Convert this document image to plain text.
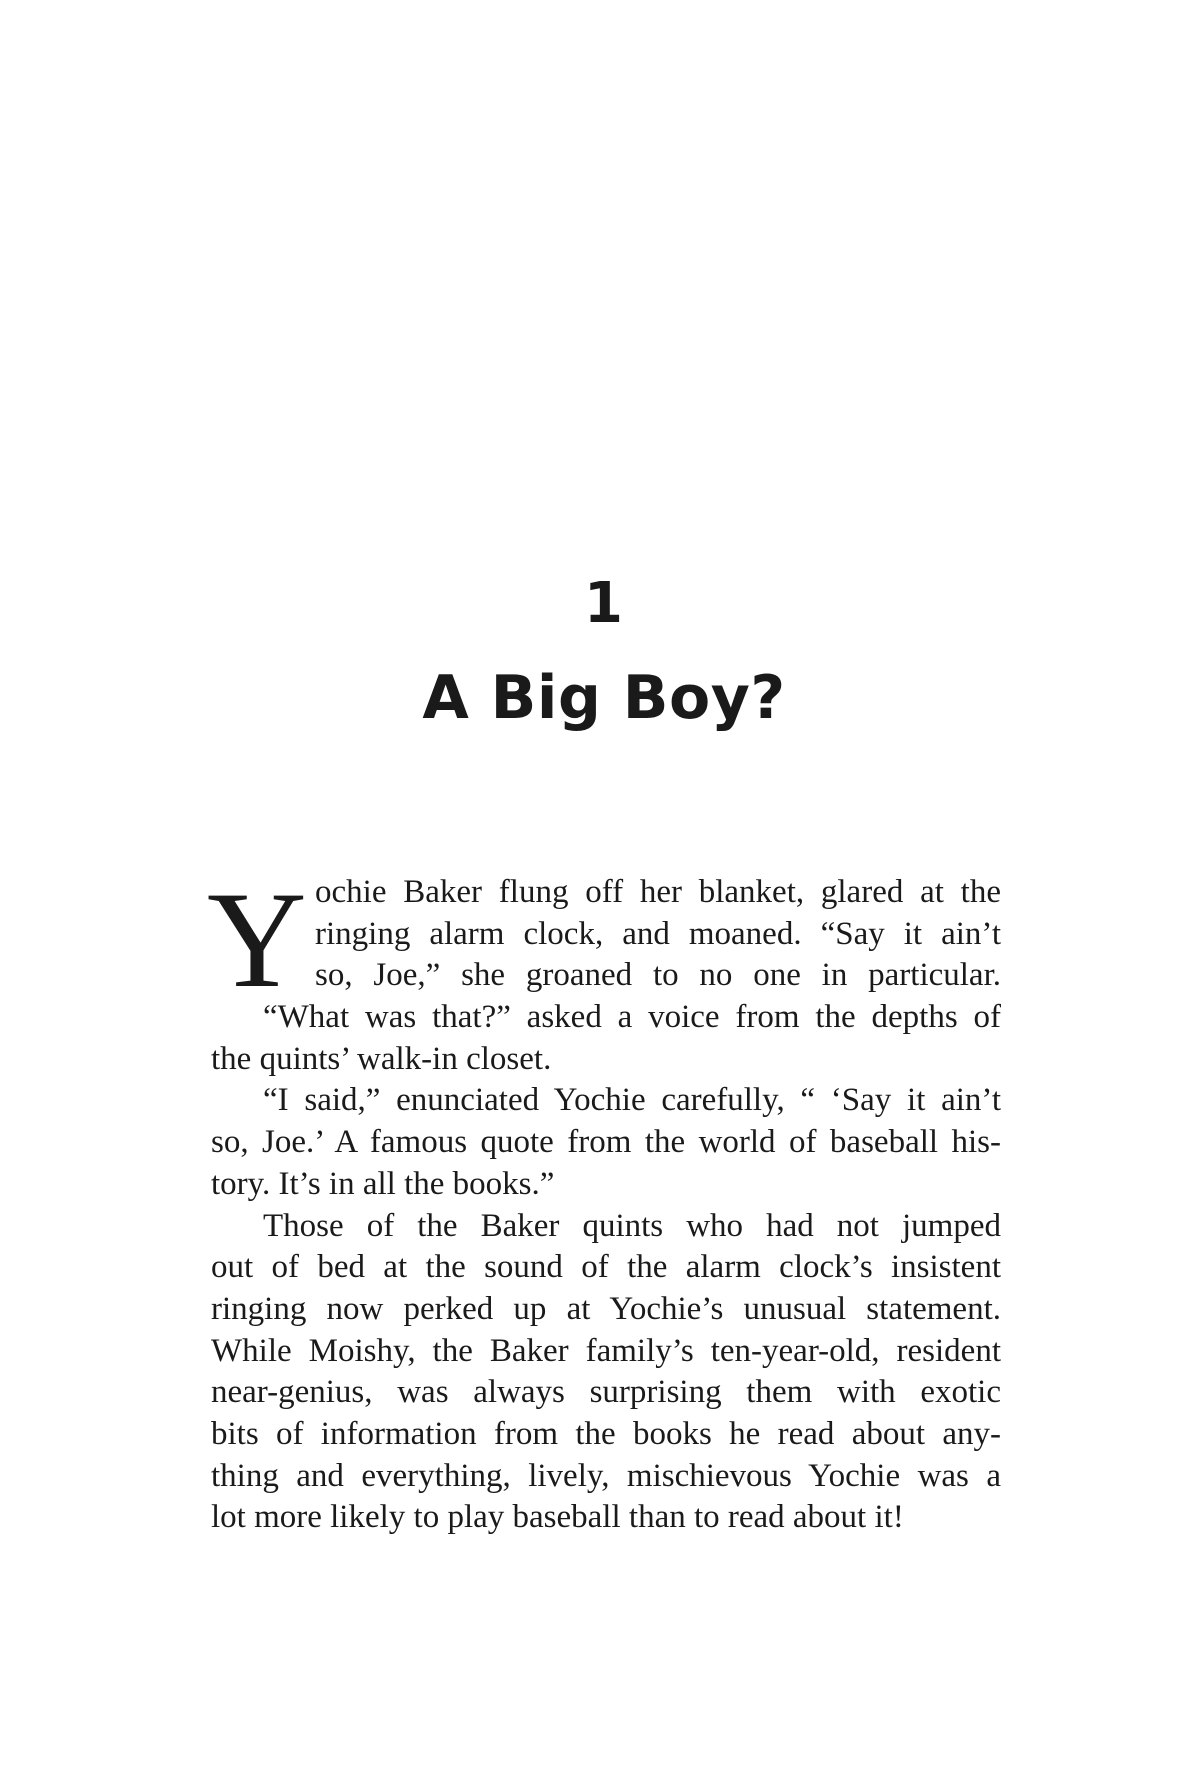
1
A Big Boy?
Y ochie Baker flung off her blanket, glared at the
ringing alarm clock, and moaned. “Say it ain’t
so, Joe,” she groaned to no one in particular.
“What was that?” asked a voice from the depths of
the quints’ walk-in closet.
“I said,” enunciated Yochie carefully, “ ‘Say it ain’t
so, Joe.’ A famous quote from the world of baseball his-
tory. It’s in all the books.”
Those of the Baker quints who had not jumped
out of bed at the sound of the alarm clock’s insistent
ringing now perked up at Yochie’s unusual statement.
While Moishy, the Baker family’s ten-year-old, resident
near-genius, was always surprising them with exotic
bits of information from the books he read about any-
thing and everything, lively, mischievous Yochie was a
lot more likely to play baseball than to read about it!
